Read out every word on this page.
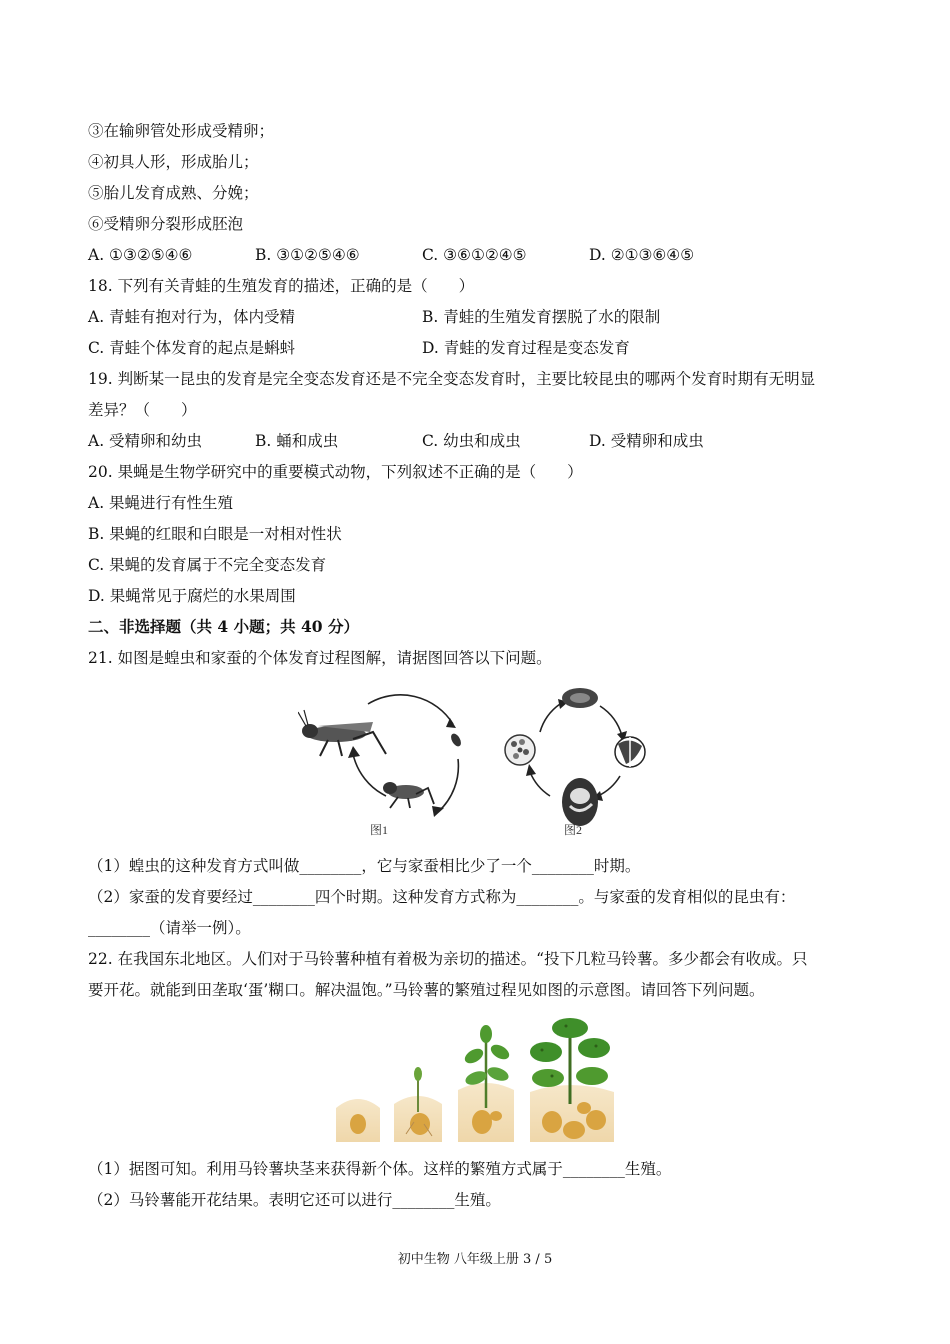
③在输卵管处形成受精卵；
④初具人形，形成胎儿；
⑤胎儿发育成熟、分娩；
⑥受精卵分裂形成胚泡
A. ①③②⑤④⑥	B. ③①②⑤④⑥	C. ③⑥①②④⑤	D. ②①③⑥④⑤
18. 下列有关青蛙的生殖发育的描述，正确的是（　　）
A. 青蛙有抱对行为，体内受精	B. 青蛙的生殖发育摆脱了水的限制
C. 青蛙个体发育的起点是蝌蚪	D. 青蛙的发育过程是变态发育
19. 判断某一昆虫的发育是完全变态发育还是不完全变态发育时，主要比较昆虫的哪两个发育时期有无明显
差异？（　　）
A. 受精卵和幼虫	B. 蛹和成虫	C. 幼虫和成虫	D. 受精卵和成虫
20. 果蝇是生物学研究中的重要模式动物，下列叙述不正确的是（　　）
A. 果蝇进行有性生殖
B. 果蝇的红眼和白眼是一对相对性状
C. 果蝇的发育属于不完全变态发育
D. 果蝇常见于腐烂的水果周围
二、非选择题（共 4 小题；共 40 分）
21. 如图是蝗虫和家蚕的个体发育过程图解，请据图回答以下问题。
图1	图2
（1）蝗虫的这种发育方式叫做________，它与家蚕相比少了一个________时期。
（2）家蚕的发育要经过________四个时期。这种发育方式称为________。与家蚕的发育相似的昆虫有：
________（请举一例）。
22. 在我国东北地区。人们对于马铃薯种植有着极为亲切的描述。“投下几粒马铃薯。多少都会有收成。只
要开花。就能到田垄取‘蛋’糊口。解决温饱。”马铃薯的繁殖过程见如图的示意图。请回答下列问题。
（1）据图可知。利用马铃薯块茎来获得新个体。这样的繁殖方式属于________生殖。
（2）马铃薯能开花结果。表明它还可以进行________生殖。
初中生物 八年级上册 3 / 5
